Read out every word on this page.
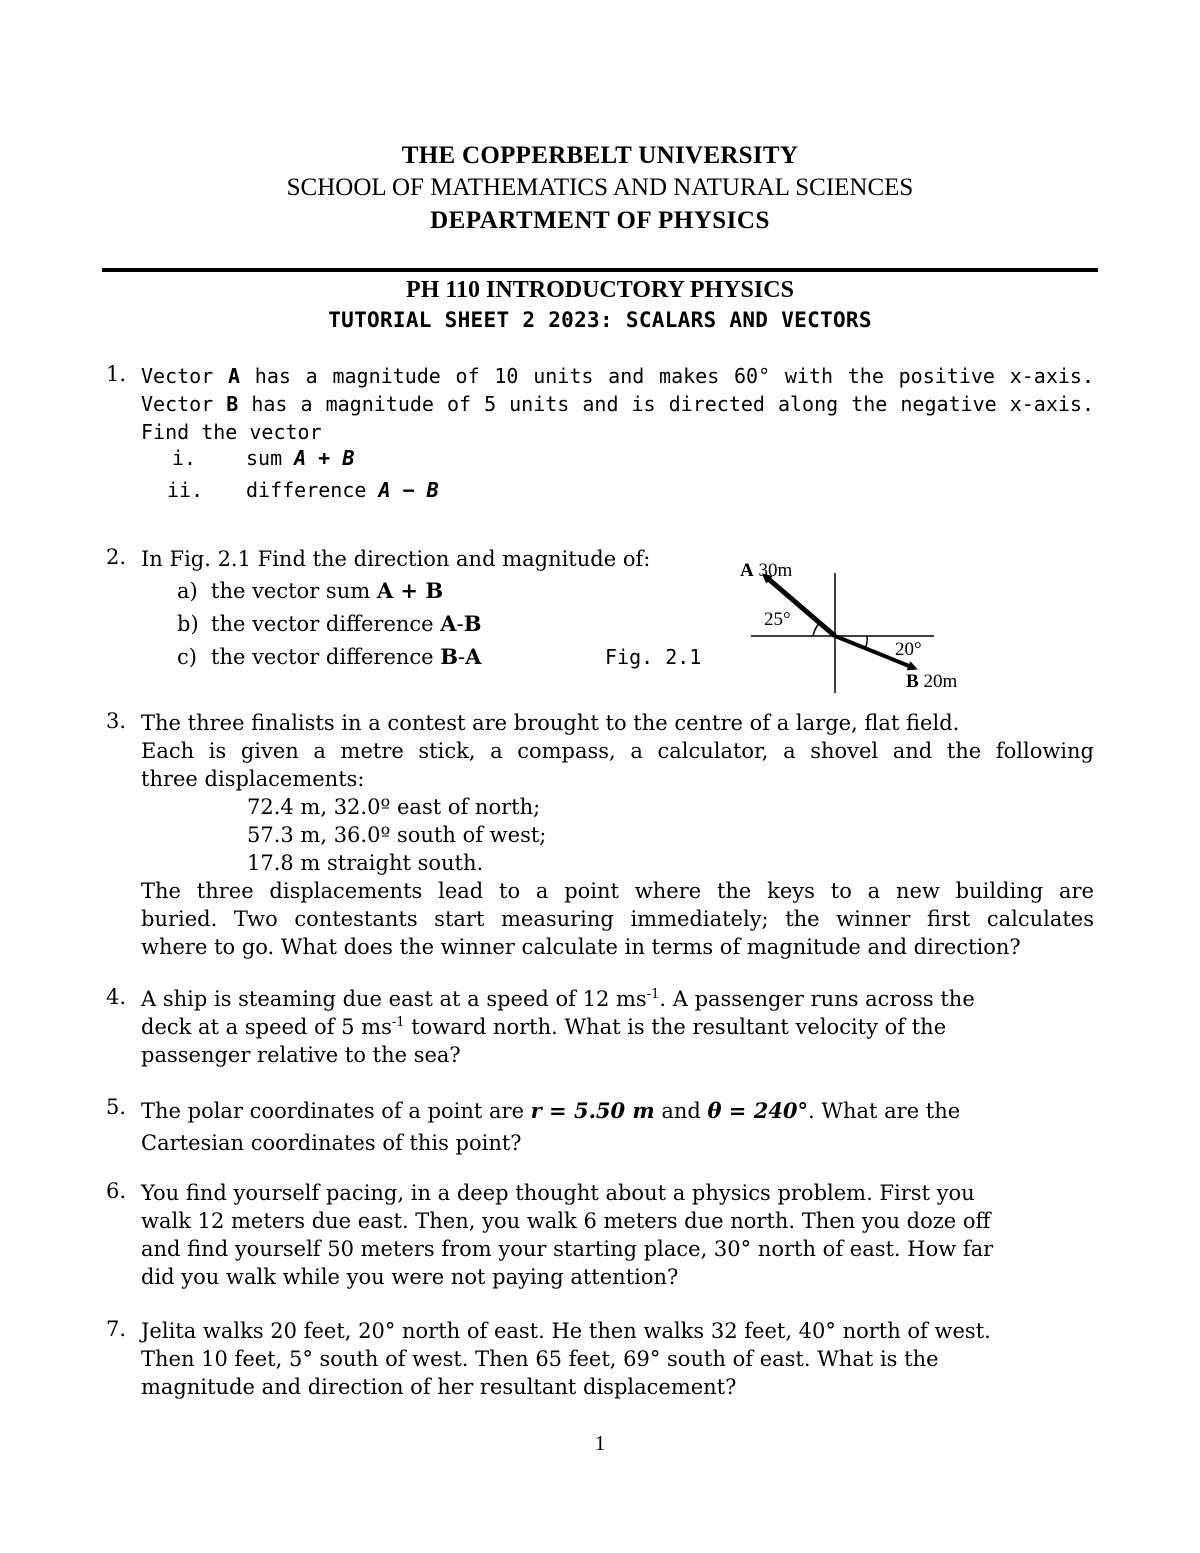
THE COPPERBELT UNIVERSITY
SCHOOL OF MATHEMATICS AND NATURAL SCIENCES
DEPARTMENT OF PHYSICS
PH 110 INTRODUCTORY PHYSICS
TUTORIAL SHEET 2 2023: SCALARS AND VECTORS
1. Vector A has a magnitude of 10 units and makes 60° with the positive x-axis.
Vector B has a magnitude of 5 units and is directed along the negative x-axis.
Find the vector
i. sum A + B
ii. difference A − B
2. In Fig. 2.1 Find the direction and magnitude of:
a) the vector sum A + B
b) the vector difference A-B
c) the vector difference B-A	Fig. 2.1
A 30m
25°
20°
B 20m
3. The three finalists in a contest are brought to the centre of a large, flat field.
Each is given a metre stick, a compass, a calculator, a shovel and the following
three displacements:
72.4 m, 32.0º east of north;
57.3 m, 36.0º south of west;
17.8 m straight south.
The three displacements lead to a point where the keys to a new building are
buried. Two contestants start measuring immediately; the winner first calculates
where to go. What does the winner calculate in terms of magnitude and direction?
4. A ship is steaming due east at a speed of 12 $ms^{-1}$. A passenger runs across the
deck at a speed of 5 $ms^{-1}$ toward north. What is the resultant velocity of the
passenger relative to the sea?
5. The polar coordinates of a point are r = 5.50 m and θ = 240°. What are the
Cartesian coordinates of this point?
6. You find yourself pacing, in a deep thought about a physics problem. First you
walk 12 meters due east. Then, you walk 6 meters due north. Then you doze off
and find yourself 50 meters from your starting place, 30° north of east. How far
did you walk while you were not paying attention?
7. Jelita walks 20 feet, 20° north of east. He then walks 32 feet, 40° north of west.
Then 10 feet, 5° south of west. Then 65 feet, 69° south of east. What is the
magnitude and direction of her resultant displacement?
1
